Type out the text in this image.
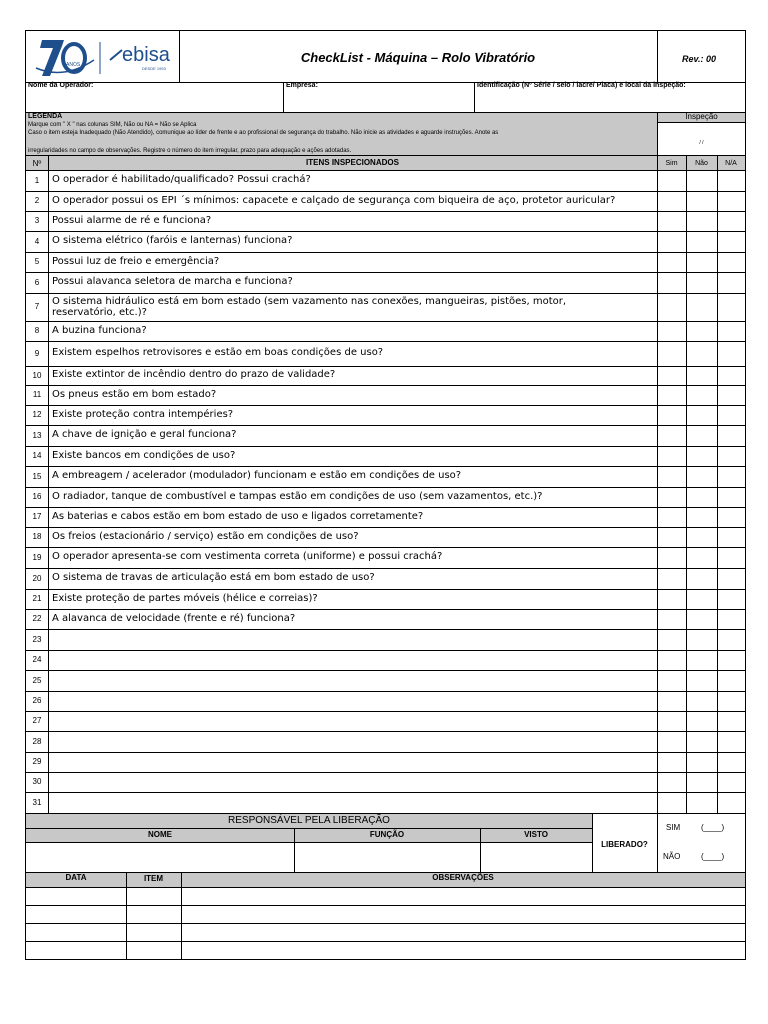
ANOS ebisa
DESDE 1953
CheckList - Máquina – Rolo Vibratório	Rev.: 00
Nome da Operador:	Empresa:	Identificação (Nº Série / selo / lacre/ Placa) e local da inspeção:
LEGENDA
Marque com " X " nas colunas SIM, Não ou NA = Não se Aplica
Caso o item esteja Inadequado (Não Atendido), comunique ao líder de frente e ao profissional de segurança do trabalho. Não inicie as atividades e aguarde instruções. Anote as
irregularidades no campo de observações. Registre o número do item irregular, prazo para adequação e ações adotadas.
Inspeção
/ /
Nº	ITENS INSPECIONADOS	Sim	Não	N/A
1	O operador é habilitado/qualificado? Possui crachá?
2	O operador possui os EPI ´s mínimos: capacete e calçado de segurança com biqueira de aço, protetor auricular?
3	Possui alarme de ré e funciona?
4	O sistema elétrico (faróis e lanternas) funciona?
5	Possui luz de freio e emergência?
6	Possui alavanca seletora de marcha e funciona?
7	O sistema hidráulico está em bom estado (sem vazamento nas conexões, mangueiras, pistões, motor,
reservatório, etc.)?
8	A buzina funciona?
9	Existem espelhos retrovisores e estão em boas condições de uso?
10	Existe extintor de incêndio dentro do prazo de validade?
11	Os pneus estão em bom estado?
12	Existe proteção contra intempéries?
13	A chave de ignição e geral funciona?
14	Existe bancos em condições de uso?
15	A embreagem / acelerador (modulador) funcionam e estão em condições de uso?
16	O radiador, tanque de combustível e tampas estão em condições de uso (sem vazamentos, etc.)?
17	As baterias e cabos estão em bom estado de uso e ligados corretamente?
18	Os freios (estacionário / serviço) estão em condições de uso?
19	O operador apresenta-se com vestimenta correta (uniforme) e possui crachá?
20	O sistema de travas de articulação está em bom estado de uso?
21	Existe proteção de partes móveis (hélice e correias)?
22	A alavanca de velocidade (frente e ré) funciona?
23
24
25
26
27
28
29
30
31
RESPONSÁVEL PELA LIBERAÇÃO
NOME	FUNÇÃO	VISTO
LIBERADO?
SIM	(____)
NÃO	(____)
DATA	ITEM	OBSERVAÇÕES
